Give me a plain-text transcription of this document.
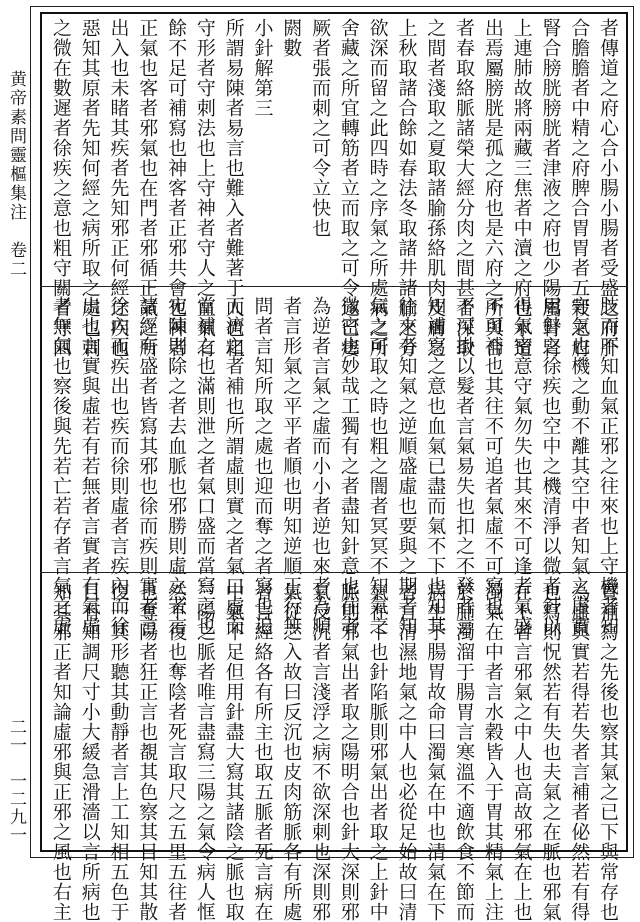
黄帝素問靈樞集注　卷二
二一　一二九一
者傳道之府心合小腸小腸者受盛之府肝
合膽膽者中精之府脾合胃胃者五穀之府
腎合膀胱膀胱者津液之府也少陽屬腎腎
上連肺故將兩藏三焦者中瀆之府也水道
出焉屬膀胱是孤之府也是六府之所與合
者春取絡脈諸榮大經分肉之間甚者深取
之間者淺取之夏取諸腧孫絡肌肉皮膚之
上秋取諸合餘如春法冬取諸井諸腧之分
欲深而留之此四時之序氣之所處病之所
舍藏之所宜轉筋者立而取之可令遂已痿
厥者張而刺之可令立快也
閼數
小針解第三
所謂易陳者易言也難入者難著于人也粗
守形者守刺法也上守神者守人之血氣有
餘不足可補寫也神客者正邪共會也神者
正氣也客者邪氣也在門者邪循正氣之所
出入也未睹其疾者先知邪正何經之疾也
惡知其原者先知何經之病所取之處也刺
之微在數遲者徐疾之意也粗守關者守四
肢而不知血氣正邪之往來也上守機者知
守氣也機之動不離其空中者知氣之虛實
用針之徐疾也空中之機清淨以微者針以
得氣密意守氣勿失也其來不可逢者氣盛
不可補也其往不可追者氣虛不可寫也
不可掛以髮者言氣易失也扣之不發者言
知補寫之意也血氣已盡而氣不下也知其
往來者知氣之逆順盛虛也要與之期者知
氣之可取之時也粗之闇者冥冥不知氣之
微密也妙哉工獨有之者盡知針意也往者
為逆者言氣之虛而小小者逆也來者為順
者言形氣之平平者順也明知逆順正行無
問者言知所取之處也迎而奪之者寫也追
而濟之者補也所謂虛則實之者氣口虛而
當補之也滿則泄之者氣口盛而當寫之也
宛陳則除之者去血脈也邪勝則虛之者言
諸經有盛者皆寫其邪也徐而疾則實者言
徐內而疾出也疾而徐則虛者言疾內而徐
出也言實與虛若有若無者言實者有氣虛
者無氣也察後與先若亡若存者言氣之虛
實補寫之先後也察其氣之已下與常存也
為虛與實若得若失者言補者佖然若有得
也寫則怳然若有失也夫氣之在脈也邪氣
在上者言邪氣之中人也高故邪氣在上也
濁氣在中者言水穀皆入于胃其精氣上注
於肺濁溜于腸胃言寒溫不適飲食不節而
病生于腸胃故命曰濁氣在中也清氣在下
者言清濕地氣之中人也必從足始故曰清
氣在下也針陷脈則邪氣出者取之上針中
脈則邪氣出者取之陽明合也針大深則邪
氣反沉者言淺浮之病不欲深刺也深則邪
氣從之入故曰反沉也皮肉筋脈各有所處
者言經絡各有所主也取五脈者死言病在
中氣不足但用針盡大寫其諸陰之脈也取
三陽之脈者唯言盡寫三陽之氣令病人恇
然不復也奪陰者死言取尺之五里五往者
也奪陽者狂正言也覩其色察其目知其散
復一其形聽其動靜者言上工知相五色于
目有知調尺寸小大緩急滑濇以言所病也
知其邪正者知論虛邪與正邪之風也右主
